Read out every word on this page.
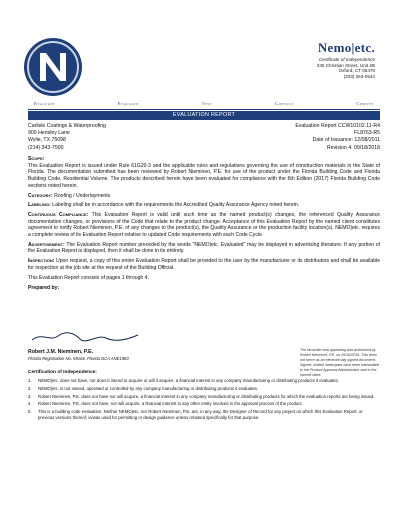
Nemo|etc.
Certificate of Independence
345 Christian Street, Unit 2B
Oxford, CT 06478
(203) 263-0544
Evaluate	Evaluate	Test	Consult	Certify
EVALUATION REPORT
Carlisle Coatings & Waterproofing
900 Hensley Lane
Wylie, TX 75098
(214) 343-7500
Evaluation Report CCW10102.11-R4
FL8763-R5
Date of Issuance: 12/08/2011
Revision 4: 09/18/2018

Scope:
This Evaluation Report is issued under Rule 61G20-3 and the applicable rules and regulations governing the use of construction materials in the State of Florida. The documentation submitted has been reviewed by Robert Nieminen, P.E. for use of the product under the Florida Building Code and Florida Building Code, Residential Volume. The products described herein have been evaluated for compliance with the 6th Edition (2017) Florida Building Code sections noted herein.

Category: Roofing / Underlayments

Labeling: Labeling shall be in accordance with the requirements the Accredited Quality Assurance Agency noted herein.

Continuous Compliance: This Evaluation Report is valid until such time as the named product(s) changes, the referenced Quality Assurance documentation changes, or provisions of the Code that relate to the product change. Acceptance of this Evaluation Report by the named client constitutes agreement to notify Robert Nieminen, P.E. of any changes to the product(s), the Quality Assurance or the production facility location(s). NEMO|etc. requires a complete review of its Evaluation Report relative to updated Code requirements with each Code Cycle.

Advertisement: The Evaluation Report number preceded by the words "NEMO|etc. Evaluated" may be displayed in advertising literature. If any portion of the Evaluation Report is displayed, then it shall be done in its entirety.

Inspection: Upon request, a copy of this entire Evaluation Report shall be provided to the user by the manufacturer or its distributors and shall be available for inspection at the job site at the request of the Building Official.

This Evaluation Report consists of pages 1 through 4.

Prepared by:

Robert J.M. Nieminen, P.E.
Florida Registration No. 59166, Florida DCA ANE1983
The facsimile seal appearing was authorized by Robert Nieminen, P.E. on 09/18/2018. This does not serve as an electronically signed document. Signed, sealed hardcopies have been transmitted to the Product Approval Administrator and to the named client.
Certification of Independence:
1.	NEMO|etc. does not have, nor does it intend to acquire or will it acquire, a financial interest in any company manufacturing or distributing products it evaluates.
2.	NEMO|etc. is not owned, operated or controlled by any company manufacturing or distributing products it evaluates.
3.	Robert Nieminen, P.E. does not have nor will acquire, a financial interest in any company manufacturing or distributing products for which the evaluation reports are being issued.
4.	Robert Nieminen, P.E. does not have, nor will acquire, a financial interest in any other entity involved in the approval process of the product.
5.	This is a building code evaluation. Neither NEMO|etc. nor Robert Nieminen, P.E. are, in any way, the Designer of Record for any project on which this Evaluation Report, or previous versions thereof, is/was used for permitting or design guidance unless retained specifically for that purpose.
